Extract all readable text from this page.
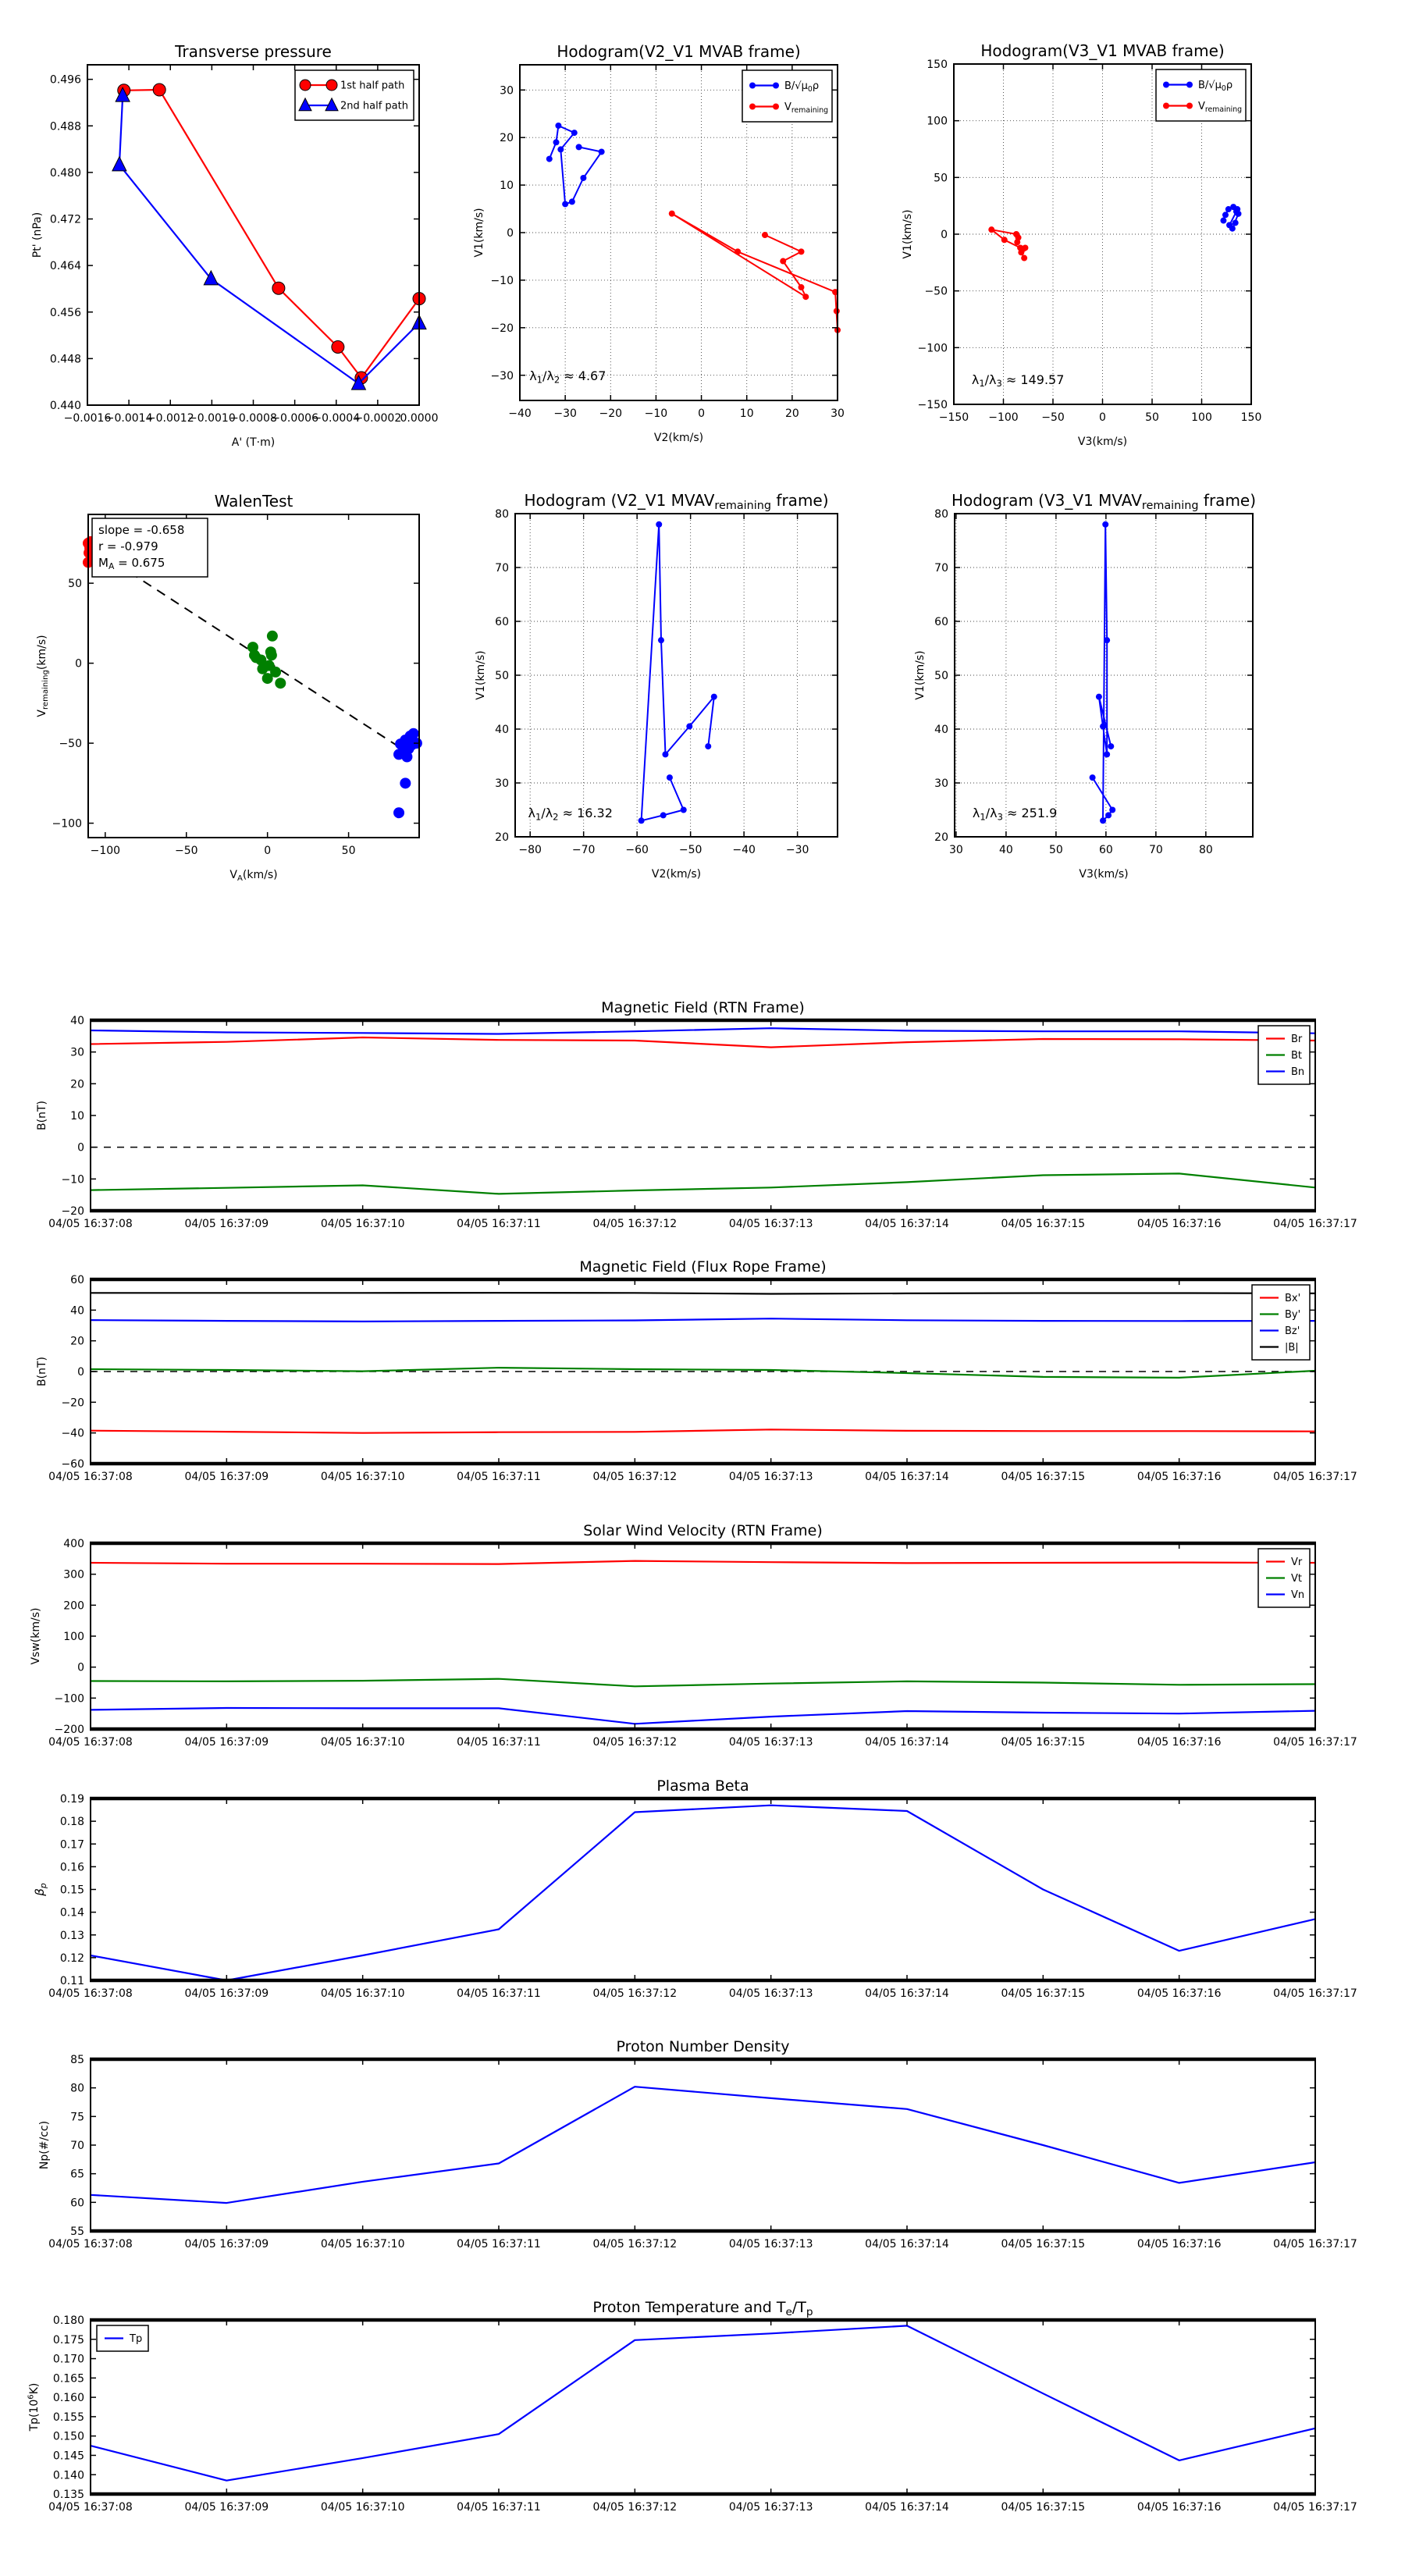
−0.0016
−0.0014
−0.0012
−0.0010
−0.0008
−0.0006
−0.0004
−0.0002
0.0000
0.440
0.448
0.456
0.464
0.472
0.480
0.488
0.496
Transverse pressure
A' (T·m)
Pt' (nPa)
1st half path
2nd half path
−40 −30 −20 −10	0	10	20	30
−30
−20
−10
0
10
20
30
Hodogram(V2_V1 MVAB frame)
V2(km/s)
V1(km/s)
$B/√\mu_0\rho$
$V_{remaining}$
$\lambda_1/\lambda_2 \approx 4.67$
−150 −100 −50	0	50	100	150
−150
−100
−50
0
50
100
150
Hodogram(V3_V1 MVAB frame)
V3(km/s)
V1(km/s)
$B/√\mu_0\rho$
$V_{remaining}$
$\lambda_1/\lambda_3 \approx 149.57$
−100	−50	0	50
−100
−50
0
50
WalenTest
$V_A(km/s)$
$V_{remaining}(km/s)$
slope = -0.658
r = -0.979
$M_A = 0.675$
−80	−70	−60	−50	−40	−30
20
30
40
50
60
70
80
Hodogram (V2_V1 $MVAV_{remaining}$ frame)
V2(km/s)
V1(km/s)
$\lambda_1/\lambda_2 \approx 16.32$
30	40	50	60	70	80
20
30
40
50
60
70
80
Hodogram (V3_V1 $MVAV_{remaining}$ frame)
V3(km/s)
V1(km/s)
$\lambda_1/\lambda_3 \approx 251.9$
04/05 16:37:08	04/05 16:37:09	04/05 16:37:10	04/05 16:37:11	04/05 16:37:12	04/05 16:37:13	04/05 16:37:14	04/05 16:37:15	04/05 16:37:16	04/05 16:37:17
−20
−10
0
10
20
30
40
Magnetic Field (RTN Frame)
B(nT)
Br
Bt
Bn
04/05 16:37:08	04/05 16:37:09	04/05 16:37:10	04/05 16:37:11	04/05 16:37:12	04/05 16:37:13	04/05 16:37:14	04/05 16:37:15	04/05 16:37:16	04/05 16:37:17
−60
−40
−20
0
20
40
60
Magnetic Field (Flux Rope Frame)
B(nT)
Bx'
By'
Bz'
|B|
04/05 16:37:08	04/05 16:37:09	04/05 16:37:10	04/05 16:37:11	04/05 16:37:12	04/05 16:37:13	04/05 16:37:14	04/05 16:37:15	04/05 16:37:16	04/05 16:37:17
−200
−100
0
100
200
300
400
Solar Wind Velocity (RTN Frame)
Vsw(km/s)
Vr
Vt
Vn
04/05 16:37:08	04/05 16:37:09	04/05 16:37:10	04/05 16:37:11	04/05 16:37:12	04/05 16:37:13	04/05 16:37:14	04/05 16:37:15	04/05 16:37:16	04/05 16:37:17
0.11
0.12
0.13
0.14
0.15
0.16
0.17
0.18
0.19
Plasma Beta
$\beta_p$
04/05 16:37:08	04/05 16:37:09	04/05 16:37:10	04/05 16:37:11	04/05 16:37:12	04/05 16:37:13	04/05 16:37:14	04/05 16:37:15	04/05 16:37:16	04/05 16:37:17
55
60
65
70
75
80
85
Proton Number Density
Np(#/cc)
04/05 16:37:08	04/05 16:37:09	04/05 16:37:10	04/05 16:37:11	04/05 16:37:12	04/05 16:37:13	04/05 16:37:14	04/05 16:37:15	04/05 16:37:16	04/05 16:37:17
0.135
0.140
0.145
0.150
0.155
0.160
0.165
0.170
0.175
0.180
Proton Temperature and $T_e/T_p$
$Tp(10^6K)$
Tp
